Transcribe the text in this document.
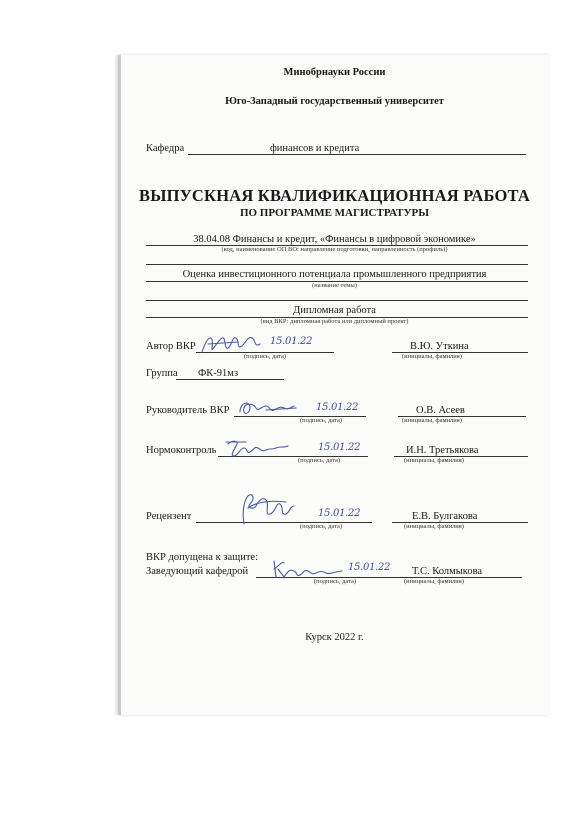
Минобрнауки России
Юго-Западный государственный университет
Кафедра	финансов и кредита
ВЫПУСКНАЯ КВАЛИФИКАЦИОННАЯ РАБОТА
ПО ПРОГРАММЕ МАГИСТРАТУРЫ
38.04.08 Финансы и кредит, «Финансы в цифровой экономике»
(код, наименование ОП ВО: направление подготовки, направленность (профиль))
Оценка инвестиционного потенциала промышленного предприятия
(название темы)
Дипломная работа
(вид ВКР: дипломная работа или дипломный проект)
Автор ВКР	15.01.22
(подпись, дата)
В.Ю. Уткина
(инициалы, фамилия)
Группа ФК-91мз
Руководитель ВКР	15.01.22
(подпись, дата)
О.В. Асеев
(инициалы, фамилия)
Нормоконтроль	15.01.22
(подпись, дата)
И.Н. Третьякова
(инициалы, фамилия)
Рецензент	15.01.22
(подпись, дата)
Е.В. Булгакова
(инициалы, фамилия)
ВКР допущена к защите:
Заведующий кафедрой	15.01.22
(подпись, дата)
Т.С. Колмыкова
(инициалы, фамилия)
Курск 2022 г.
